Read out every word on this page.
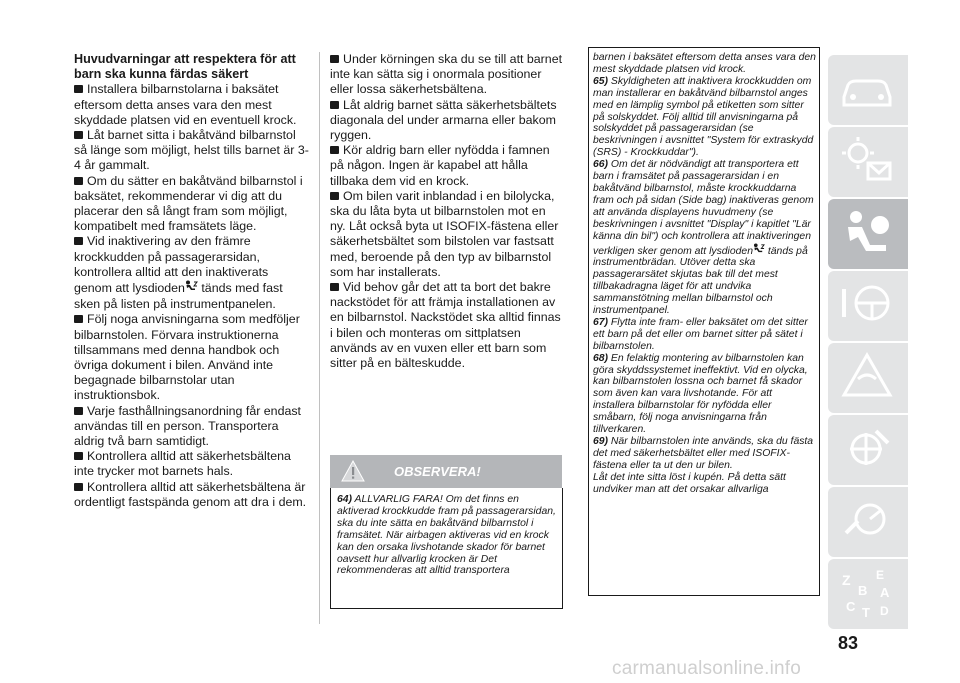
Huvudvarningar att respektera för att barn ska kunna färdas säkert
Installera bilbarnstolarna i baksätet eftersom detta anses vara den mest skyddade platsen vid en eventuell krock.
Låt barnet sitta i bakåtvänd bilbarnstol så länge som möjligt, helst tills barnet är 3-4 år gammalt.
Om du sätter en bakåtvänd bilbarnstol i baksätet, rekommenderar vi dig att du placerar den så långt fram som möjligt, kompatibelt med framsätets läge.
Vid inaktivering av den främre krockkudden på passagerarsidan, kontrollera alltid att den inaktiverats genom att lysdioden tänds med fast sken på listen på instrumentpanelen.
Följ noga anvisningarna som medföljer bilbarnstolen. Förvara instruktionerna tillsammans med denna handbok och övriga dokument i bilen. Använd inte begagnade bilbarnstolar utan instruktionsbok.
Varje fasthållningsanordning får endast användas till en person. Transportera aldrig två barn samtidigt.
Kontrollera alltid att säkerhetsbältena inte trycker mot barnets hals.
Kontrollera alltid att säkerhetsbältena är ordentligt fastspända genom att dra i dem.
Under körningen ska du se till att barnet inte kan sätta sig i onormala positioner eller lossa säkerhetsbältena.
Låt aldrig barnet sätta säkerhetsbältets diagonala del under armarna eller bakom ryggen.
Kör aldrig barn eller nyfödda i famnen på någon. Ingen är kapabel att hålla tillbaka dem vid en krock.
Om bilen varit inblandad i en bilolycka, ska du låta byta ut bilbarnstolen mot en ny. Låt också byta ut ISOFIX-fästena eller säkerhetsbältet som bilstolen var fastsatt med, beroende på den typ av bilbarnstol som har installerats.
Vid behov går det att ta bort det bakre nackstödet för att främja installationen av en bilbarnstol. Nackstödet ska alltid finnas i bilen och monteras om sittplatsen används av en vuxen eller ett barn som sitter på en bälteskudde.
OBSERVERA!
64) ALLVARLIG FARA! Om det finns en aktiverad krockkudde fram på passagerarsidan, ska du inte sätta en bakåtvänd bilbarnstol i framsätet. När airbagen aktiveras vid en krock kan den orsaka livshotande skador för barnet oavsett hur allvarlig krocken är Det rekommenderas att alltid transportera
barnen i baksätet eftersom detta anses vara den mest skyddade platsen vid krock.
65) Skyldigheten att inaktivera krockkudden om man installerar en bakåtvänd bilbarnstol anges med en lämplig symbol på etiketten som sitter på solskyddet. Följ alltid till anvisningarna på solskyddet på passagerarsidan (se beskrivningen i avsnittet "System för extraskydd (SRS) - Krockkuddar").
66) Om det är nödvändigt att transportera ett barn i framsätet på passagerarsidan i en bakåtvänd bilbarnstol, måste krockkuddarna fram och på sidan (Side bag) inaktiveras genom att använda displayens huvudmeny (se beskrivningen i avsnittet "Display" i kapitlet "Lär känna din bil") och kontrollera att inaktiveringen verkligen sker genom att lysdioden tänds på instrumentbrädan. Utöver detta ska passagerarsätet skjutas bak till det mest tillbakadragna läget för att undvika sammanstötning mellan bilbarnstol och instrumentpanel.
67) Flytta inte fram- eller baksätet om det sitter ett barn på det eller om barnet sitter på sätet i bilbarnstolen.
68) En felaktig montering av bilbarnstolen kan göra skyddssystemet ineffektivt. Vid en olycka, kan bilbarnstolen lossna och barnet få skador som även kan vara livshotande. För att installera bilbarnstolar för nyfödda eller småbarn, följ noga anvisningarna från tillverkaren.
69) När bilbarnstolen inte används, ska du fästa det med säkerhetsbältet eller med ISOFIX-fästena eller ta ut den ur bilen.
Låt det inte sitta löst i kupén. På detta sätt undviker man att det orsakar allvarliga
Z E
B A
C T D
83
carmanualsonline.info
